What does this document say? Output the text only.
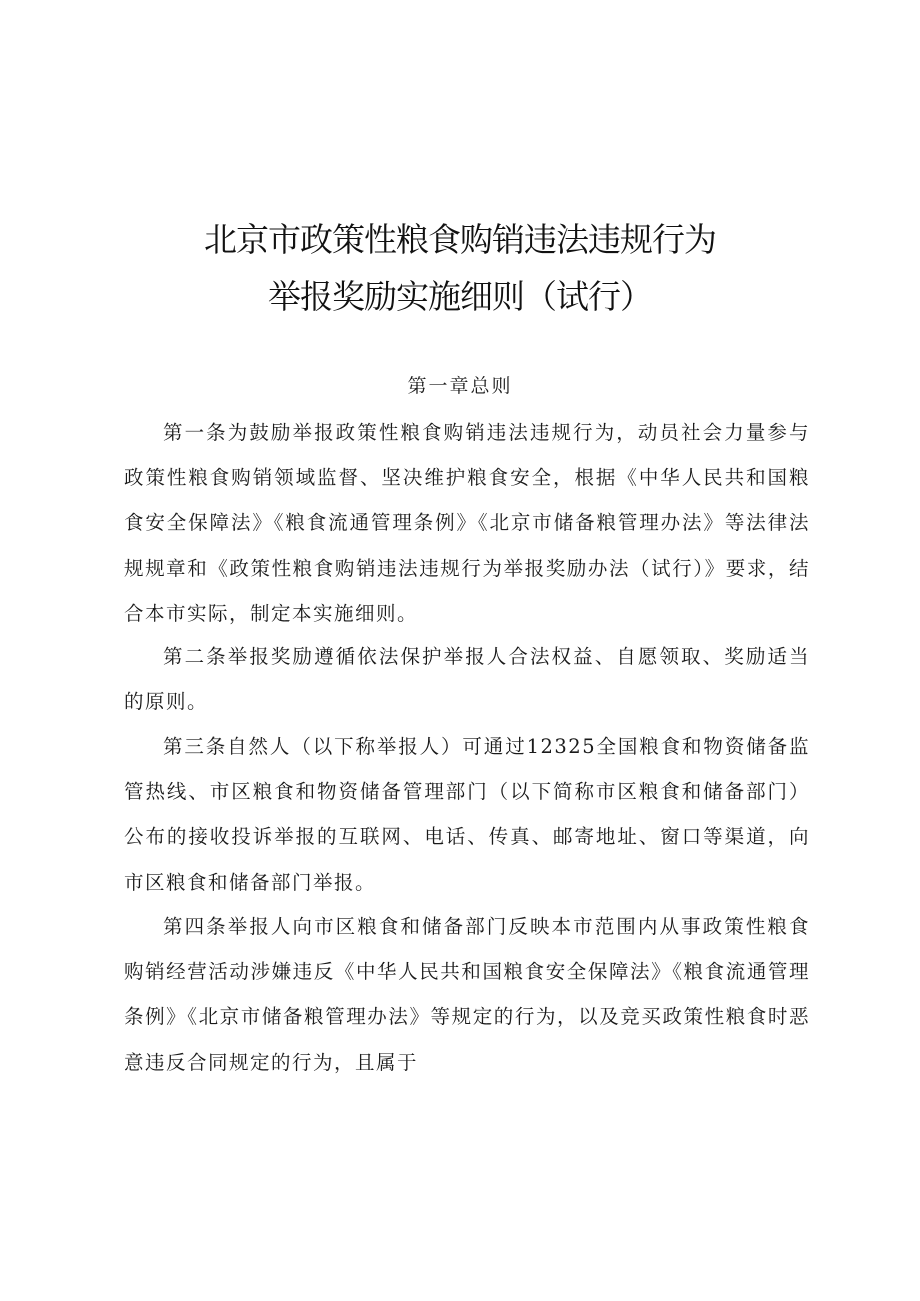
北京市政策性粮食购销违法违规行为
举报奖励实施细则（试行）
第一章总则

第一条为鼓励举报政策性粮食购销违法违规行为，动员社会力量参与政策性粮食购销领域监督、坚决维护粮食安全，根据《中华人民共和国粮食安全保障法》《粮食流通管理条例》《北京市储备粮管理办法》等法律法规规章和《政策性粮食购销违法违规行为举报奖励办法（试行）》要求，结合本市实际，制定本实施细则。

第二条举报奖励遵循依法保护举报人合法权益、自愿领取、奖励适当的原则。

第三条自然人（以下称举报人）可通过12325全国粮食和物资储备监管热线、市区粮食和物资储备管理部门（以下简称市区粮食和储备部门）公布的接收投诉举报的互联网、电话、传真、邮寄地址、窗口等渠道，向市区粮食和储备部门举报。

第四条举报人向市区粮食和储备部门反映本市范围内从事政策性粮食购销经营活动涉嫌违反《中华人民共和国粮食安全保障法》《粮食流通管理条例》《北京市储备粮管理办法》等规定的行为，以及竞买政策性粮食时恶意违反合同规定的行为，且属于
